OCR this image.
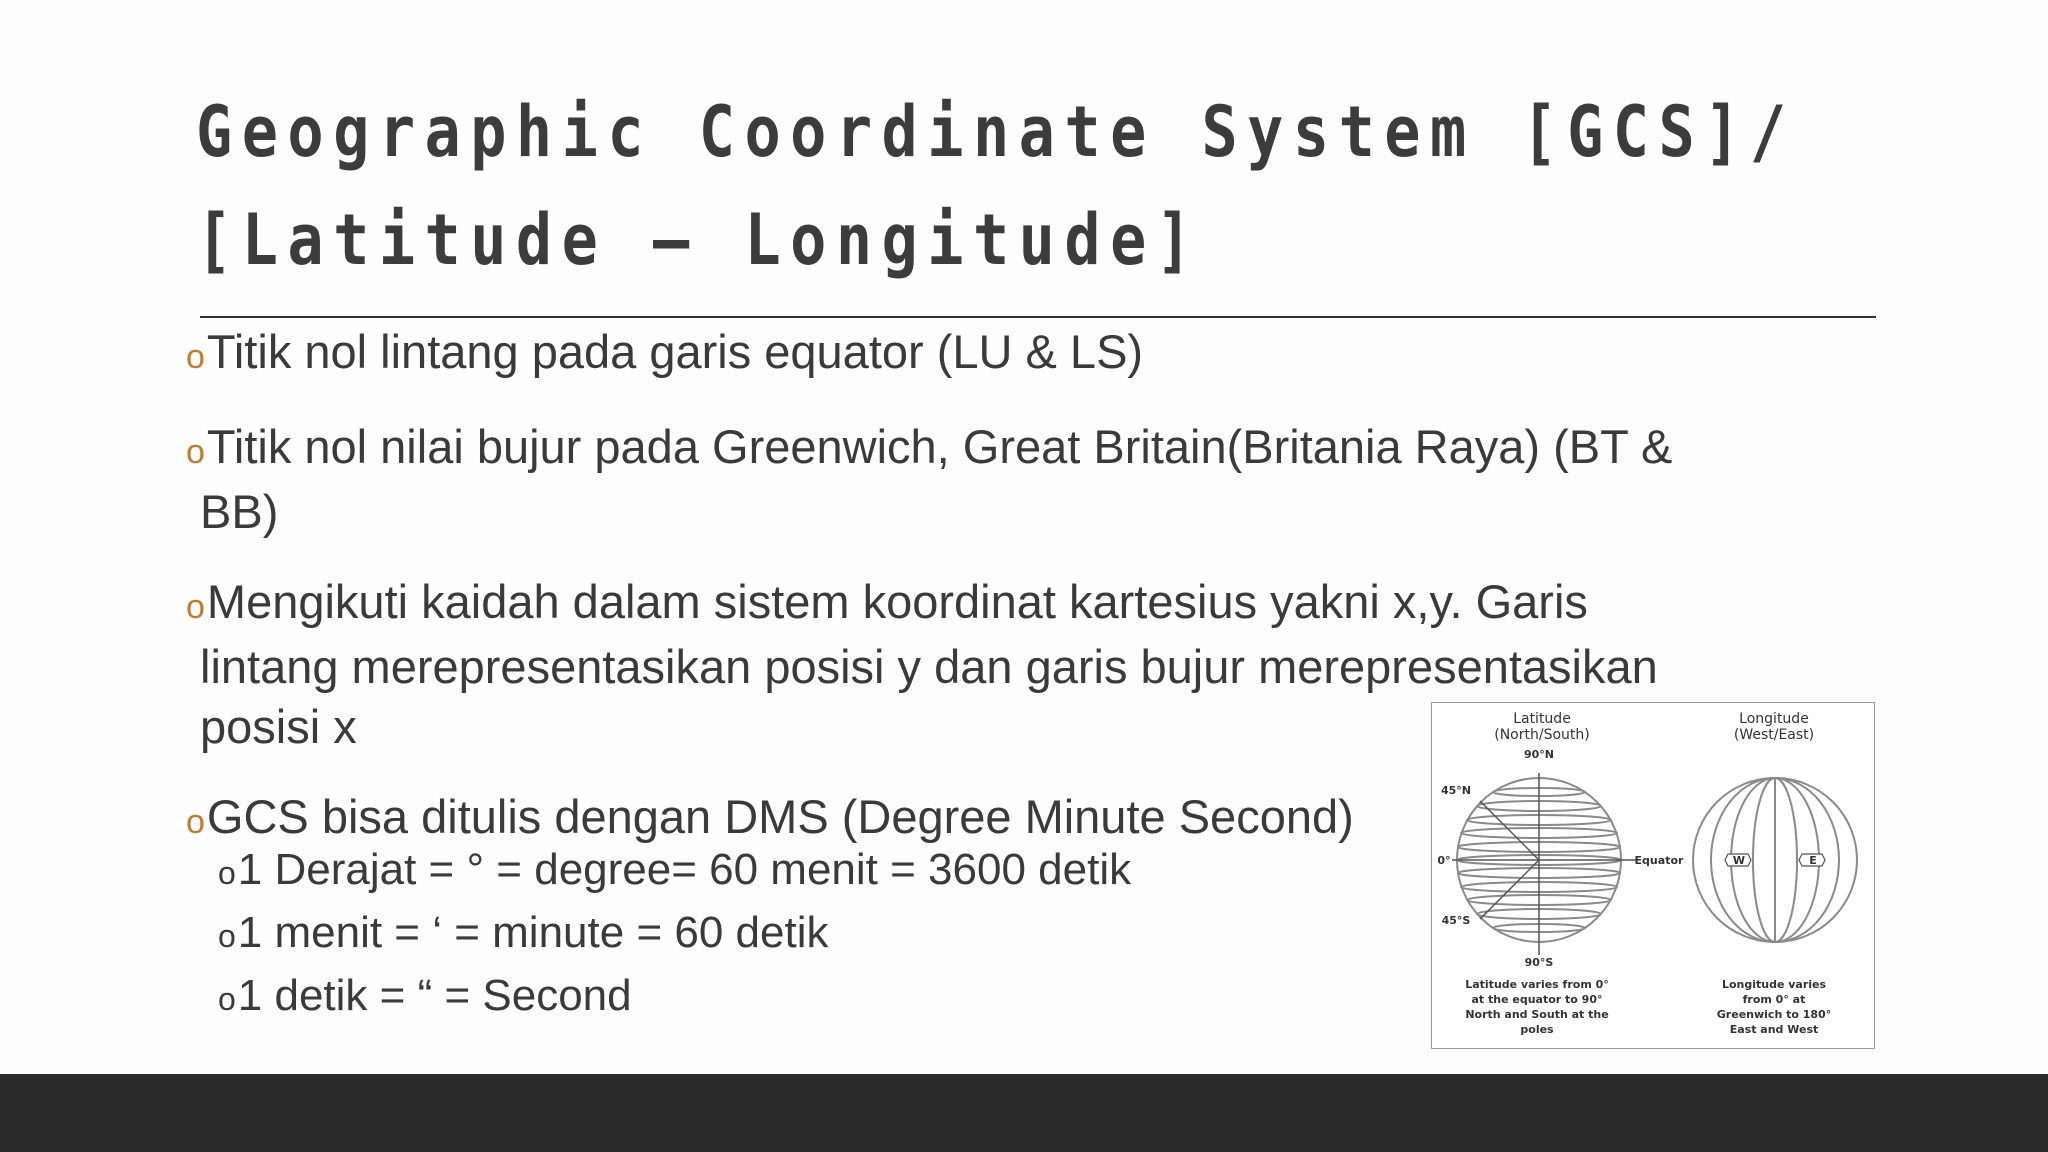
Geographic Coordinate System [GCS]/
[Latitude – Longitude]
oTitik nol lintang pada garis equator (LU & LS)
oTitik nol nilai bujur pada Greenwich, Great Britain(Britania Raya) (BT &
BB)
oMengikuti kaidah dalam sistem koordinat kartesius yakni x,y. Garis
lintang merepresentasikan posisi y dan garis bujur merepresentasikan
posisi x
oGCS bisa ditulis dengan DMS (Degree Minute Second)
o1 Derajat = ° = degree= 60 menit = 3600 detik
o1 menit = ‘ = minute = 60 detik
o1 detik = “ = Second
Latitude
(North/South)
Longitude
(West/East)
90°N
45°N
0°
45°S
90°S
Equator	W	E
Latitude varies from 0°
at the equator to 90°
North and South at the
poles
Longitude varies
from 0° at
Greenwich to 180°
East and West
